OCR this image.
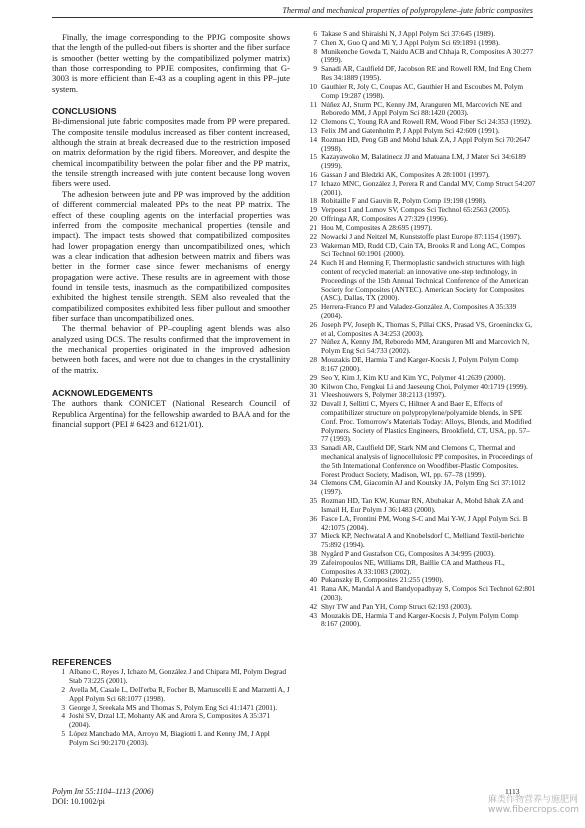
Thermal and mechanical properties of polypropylene–jute fabric composites

Finally, the image corresponding to the PPJG composite shows that the length of the pulled-out fibers is shorter and the fiber surface is smoother (better wetting by the compatibilized polymer matrix) than those corresponding to PPJE composites, confirming that G-3003 is more efficient than E-43 as a coupling agent in this PP–jute system.

CONCLUSIONS

Bi-dimensional jute fabric composites made from PP were prepared. The composite tensile modulus increased as fiber content increased, although the strain at break decreased due to the restriction imposed on matrix deformation by the rigid fibers. Moreover, and despite the chemical incompatibility between the polar fiber and the PP matrix, the tensile strength increased with jute content because long woven fibers were used.

The adhesion between jute and PP was improved by the addition of different commercial maleated PPs to the neat PP matrix. The effect of these coupling agents on the interfacial properties was inferred from the composite mechanical properties (tensile and impact). The impact tests showed that compatibilized composites had lower propagation energy than uncompatibilized ones, which was a clear indication that adhesion between matrix and fibers was better in the former case since fewer mechanisms of energy propagation were active. These results are in agreement with those found in tensile tests, inasmuch as the compatibilized composites exhibited the highest tensile strength. SEM also revealed that the compatibilized composites exhibited less fiber pullout and smoother fiber surface than uncompatibilized ones.

The thermal behavior of PP–coupling agent blends was also analyzed using DCS. The results confirmed that the improvement in the mechanical properties originated in the improved adhesion between both faces, and were not due to changes in the crystallinity of the matrix.

ACKNOWLEDGEMENTS

The authors thank CONICET (National Research Council of Republica Argentina) for the fellowship awarded to BAA and for the financial support (PEI # 6423 and 6121/01).

REFERENCES

1 Albano C, Reyes J, Ichazo M, González J and Chipara MI, Polym Degrad Stab 73:225 (2001).
2 Avella M, Casale L, Dell'erba R, Focher B, Martuscelli E and Marzetti A, J Appl Polym Sci 68:1077 (1998).
3 George J, Sreekala MS and Thomas S, Polym Eng Sci 41:1471 (2001).
4 Joshi SV, Drzal LT, Mohanty AK and Arora S, Composites A 35:371 (2004).
5 López Manchado MA, Arroyo M, Biagiotti L and Kenny JM, J Appl Polym Sci 90:2170 (2003).
6 Takase S and Shiraishi N, J Appl Polym Sci 37:645 (1989).
7 Chen X, Guo Q and Mi Y, J Appl Polym Sci 69:1891 (1998).
8 Munikenche Gowda T, Naidu ACB and Chhaja R, Composites A 30:277 (1999).
9 Sanadi AR, Caulfield DF, Jacobson RE and Rowell RM, Ind Eng Chem Res 34:1889 (1995).
10 Gauthier R, Joly C, Coupas AC, Gauthier H and Escoubes M, Polym Comp 19:287 (1998).
11 Núñez AJ, Sturm PC, Kenny JM, Aranguren MI, Marcovich NE and Reboredo MM, J Appl Polym Sci 88:1420 (2003).
12 Clemons C, Young RA and Rowell RM, Wood Fiber Sci 24:353 (1992).
13 Felix JM and Gatenholm P, J Appl Polym Sci 42:609 (1991).
14 Rozman HD, Peng GB and Mohd Ishak ZA, J Appl Polym Sci 70:2647 (1998).
15 Kazayawoko M, Balatinecz JJ and Matuana LM, J Mater Sci 34:6189 (1999).
16 Gassan J and Bledzki AK, Composites A 28:1001 (1997).
17 Ichazo MNC, González J, Perera R and Candal MV, Comp Struct 54:207 (2001).
18 Robitaille F and Gauvin R, Polym Comp 19:198 (1998).
19 Verpoest I and Lomov SV, Compos Sci Technol 65:2563 (2005).
20 Offringa AR, Composites A 27:329 (1996).
21 Hou M, Composites A 28:695 (1997).
22 Nowacki J and Neitzel M, Kunststoffe plast Europe 87:1154 (1997).
23 Wakeman MD, Rudd CD, Cain TA, Brooks R and Long AC, Compos Sci Technol 60:1901 (2000).
24 Kuch H and Henning F, Thermoplastic sandwich structures with high content of recycled material: an innovative one-step technology, in Proceedings of the 15th Annual Technical Conference of the American Society for Composites (ANTEC). American Society for Composites (ASC), Dallas, TX (2000).
25 Herrera-Franco PJ and Valadez-González A, Composites A 35:339 (2004).
26 Joseph PV, Joseph K, Thomas S, Pillai CKS, Prasad VS, Groeninckx G, et al, Composites A 34:253 (2003).
27 Núñez A, Kenny JM, Reboredo MM, Aranguren MI and Marcovich N, Polym Eng Sci 54:733 (2002).
28 Mouzakis DE, Harmia T and Karger-Kocsis J, Polym Polym Comp 8:167 (2000).
29 Seo Y, Kim J, Kim KU and Kim YC, Polymer 41:2639 (2000).
30 Kilwon Cho, Fengkui Li and Jaeseung Choi, Polymer 40:1719 (1999).
31 Vleeshouwers S, Polymer 38:2113 (1997).
32 Duvall J, Sellitti C, Myers C, Hiltner A and Baer E, Effects of compatibilizer structure on polypropylene/polyamide blends, in SPE Conf. Proc. Tomorrow's Materials Today: Alloys, Blends, and Modified Polymers. Society of Plastics Engineers, Brookfield, CT, USA, pp. 57–77 (1993).
33 Sanadi AR, Caulfield DF, Stark NM and Clemons C, Thermal and mechanical analysis of lignocellulosic PP composites, in Proceedings of the 5th International Conference on Woodfiber-Plastic Composites. Forest Product Society, Madison, WI, pp. 67–78 (1999).
34 Clemons CM, Giacomin AJ and Koutsky JA, Polym Eng Sci 37:1012 (1997).
35 Rozman HD, Tan KW, Kumar RN, Abubakar A, Mohd Ishak ZA and Ismail H, Eur Polym J 36:1483 (2000).
36 Fasce LA, Frontini PM, Wong S-C and Mai Y-W, J Appl Polym Sci. B 42:1075 (2004).
37 Mieck KP, Nechwatal A and Knobelsdorf C, Melliand Textil-berichte 75:892 (1994).
38 Nygård P and Gustafson CG, Composites A 34:995 (2003).
39 Zafeiropoulos NE, Williams DR, Baillie CA and Mattheus FL, Composites A 33:1083 (2002).
40 Pukanszky B, Composites 21:255 (1990).
41 Rana AK, Mandal A and Bandyopadhyay S, Compos Sci Technol 62:801 (2003).
42 Shyr TW and Pan YH, Comp Struct 62:193 (2003).
43 Mouzakis DE, Harmia T and Karger-Kocsis J, Polym Polym Comp 8:167 (2000).
Polym Int 55:1104–1113 (2006)
DOI: 10.1002/pi
1113
麻类作物营养与施肥网
www.fibercrops.com
